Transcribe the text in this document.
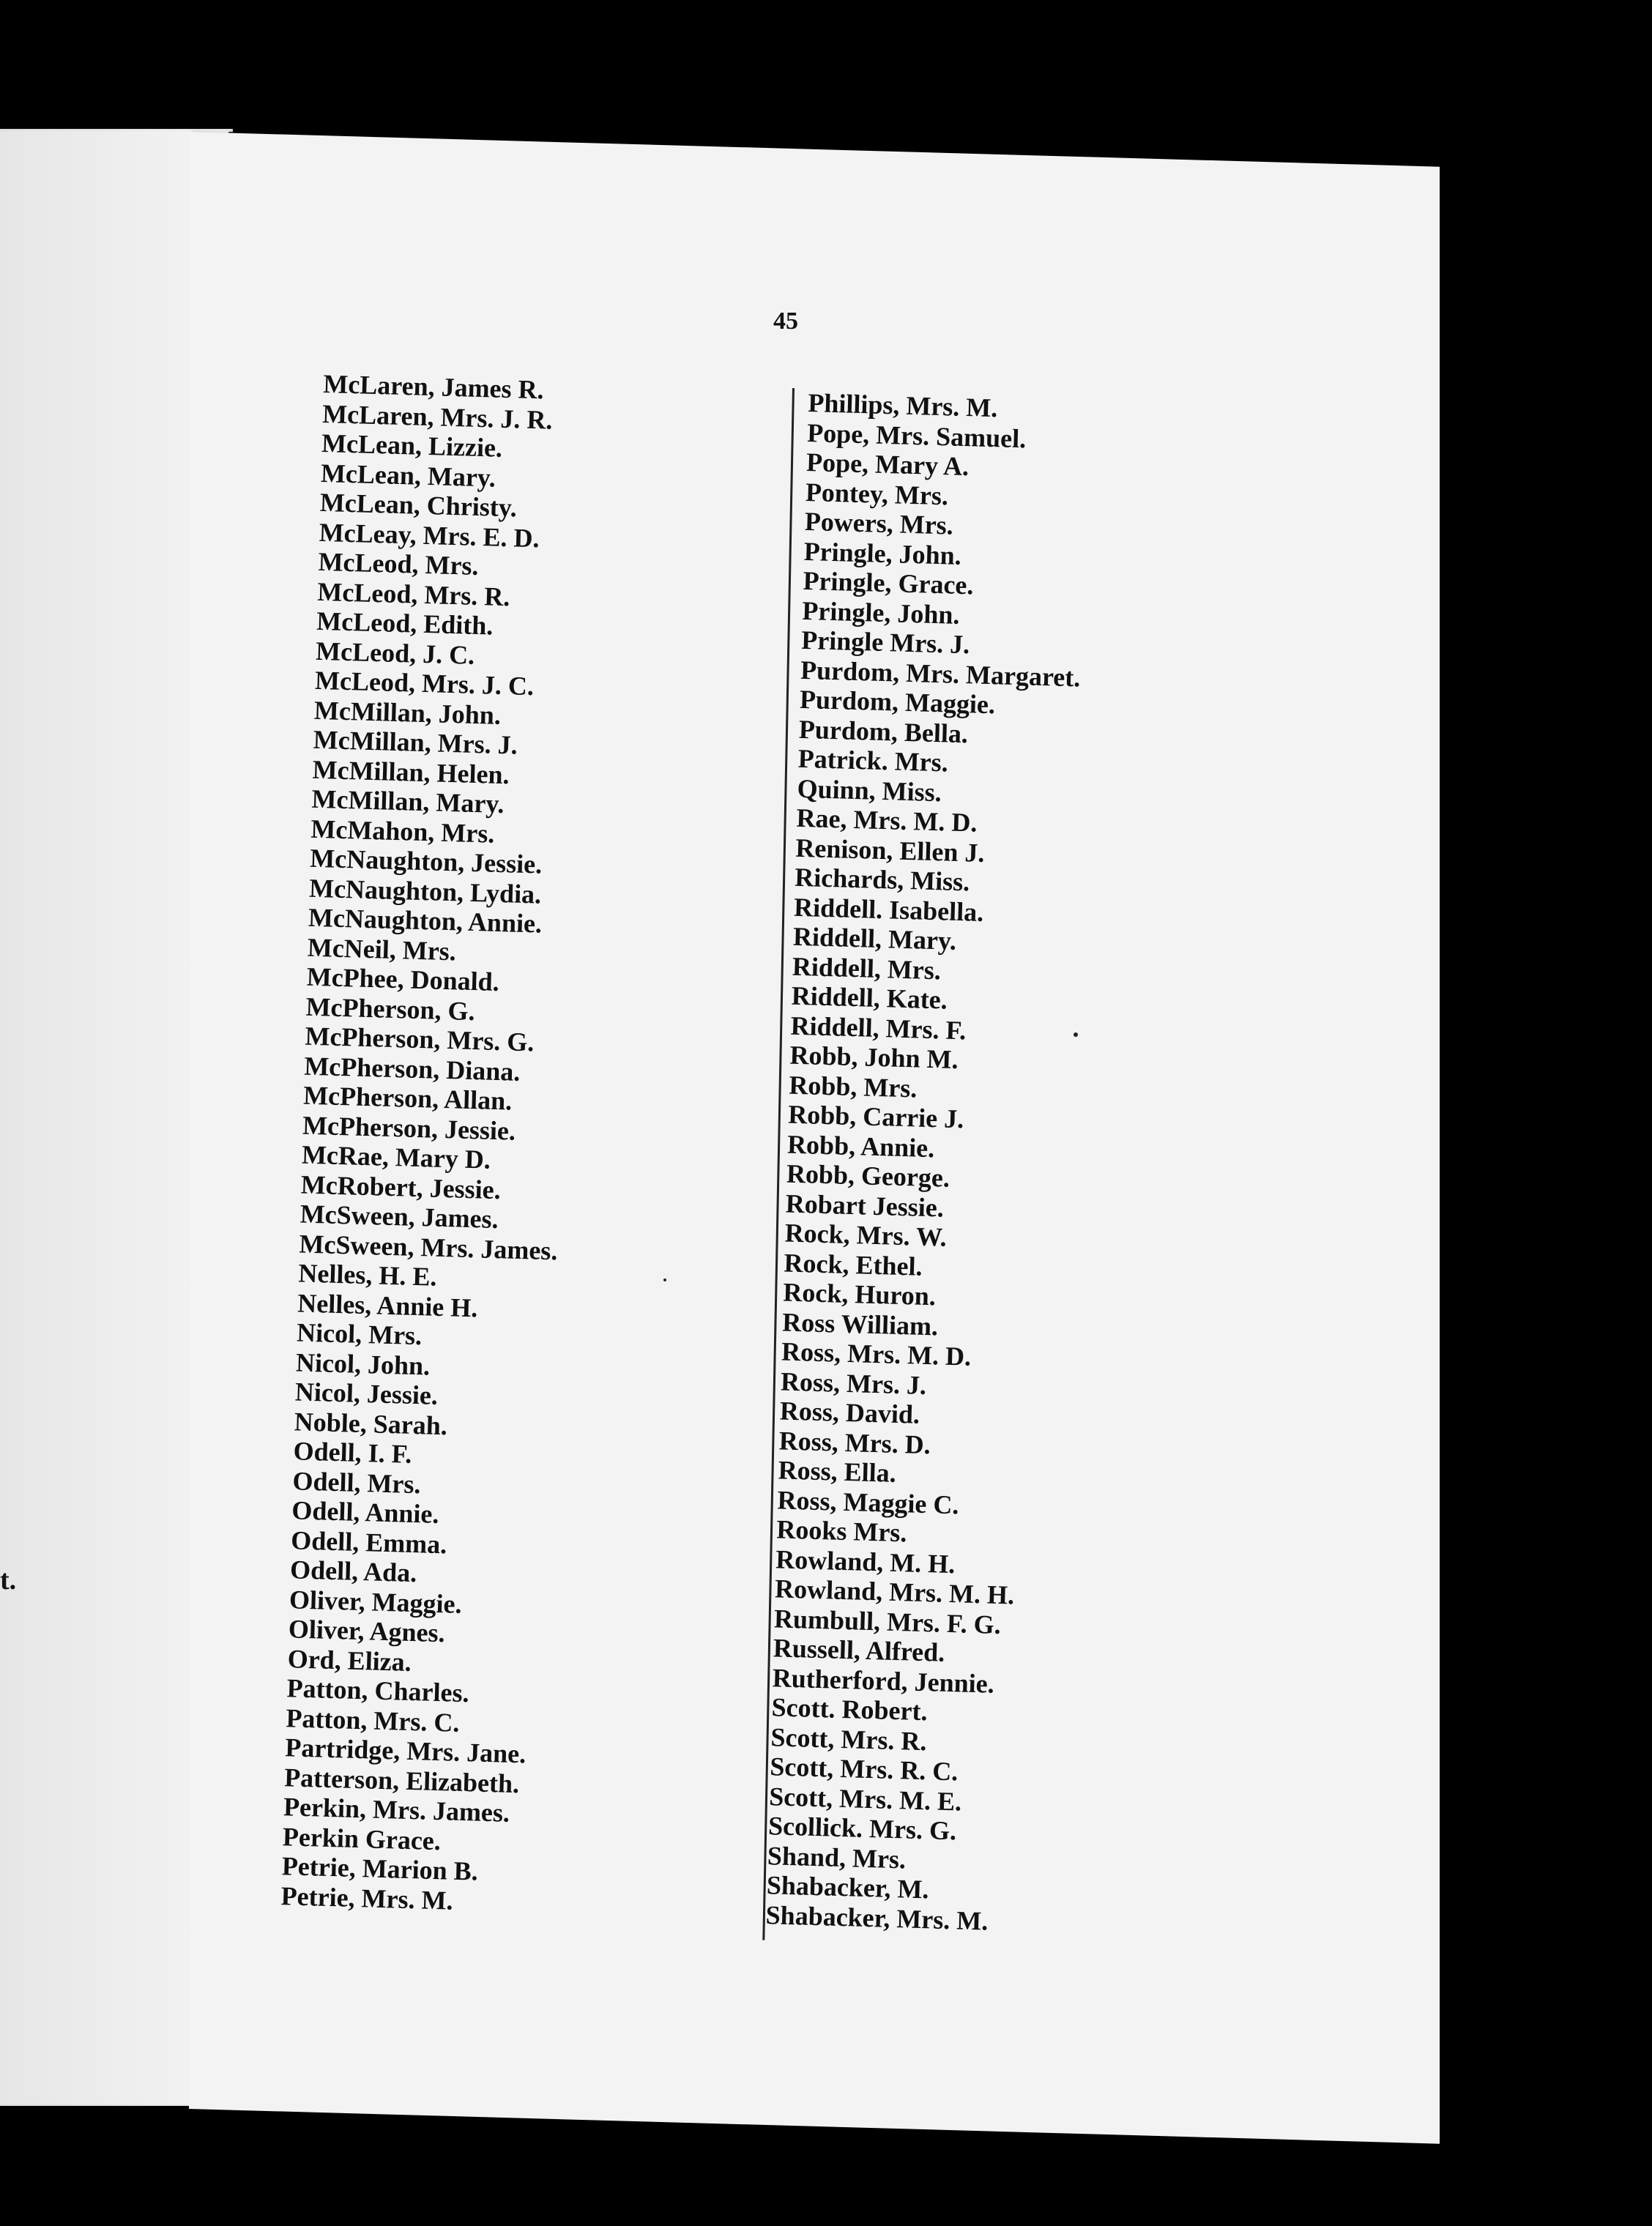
t.
45
McLaren, James R.
McLaren, Mrs. J. R.
McLean, Lizzie.
McLean, Mary.
McLean, Christy.
McLeay, Mrs. E. D.
McLeod, Mrs.
McLeod, Mrs. R.
McLeod, Edith.
McLeod, J. C.
McLeod, Mrs. J. C.
McMillan, John.
McMillan, Mrs. J.
McMillan, Helen.
McMillan, Mary.
McMahon, Mrs.
McNaughton, Jessie.
McNaughton, Lydia.
McNaughton, Annie.
McNeil, Mrs.
McPhee, Donald.
McPherson, G.
McPherson, Mrs. G.
McPherson, Diana.
McPherson, Allan.
McPherson, Jessie.
McRae, Mary D.
McRobert, Jessie.
McSween, James.
McSween, Mrs. James.
Nelles, H. E.
Nelles, Annie H.
Nicol, Mrs.
Nicol, John.
Nicol, Jessie.
Noble, Sarah.
Odell, I. F.
Odell, Mrs.
Odell, Annie.
Odell, Emma.
Odell, Ada.
Oliver, Maggie.
Oliver, Agnes.
Ord, Eliza.
Patton, Charles.
Patton, Mrs. C.
Partridge, Mrs. Jane.
Patterson, Elizabeth.
Perkin, Mrs. James.
Perkin Grace.
Petrie, Marion B.
Petrie, Mrs. M.
Phillips, Mrs. M.
Pope, Mrs. Samuel.
Pope, Mary A.
Pontey, Mrs.
Powers, Mrs.
Pringle, John.
Pringle, Grace.
Pringle, John.
Pringle Mrs. J.
Purdom, Mrs. Margaret.
Purdom, Maggie.
Purdom, Bella.
Patrick. Mrs.
Quinn, Miss.
Rae, Mrs. M. D.
Renison, Ellen J.
Richards, Miss.
Riddell. Isabella.
Riddell, Mary.
Riddell, Mrs.
Riddell, Kate.
Riddell, Mrs. F.
Robb, John M.
Robb, Mrs.
Robb, Carrie J.
Robb, Annie.
Robb, George.
Robart Jessie.
Rock, Mrs. W.
Rock, Ethel.
Rock, Huron.
Ross William.
Ross, Mrs. M. D.
Ross, Mrs. J.
Ross, David.
Ross, Mrs. D.
Ross, Ella.
Ross, Maggie C.
Rooks Mrs.
Rowland, M. H.
Rowland, Mrs. M. H.
Rumbull, Mrs. F. G.
Russell, Alfred.
Rutherford, Jennie.
Scott. Robert.
Scott, Mrs. R.
Scott, Mrs. R. C.
Scott, Mrs. M. E.
Scollick. Mrs. G.
Shand, Mrs.
Shabacker, M.
Shabacker, Mrs. M.
